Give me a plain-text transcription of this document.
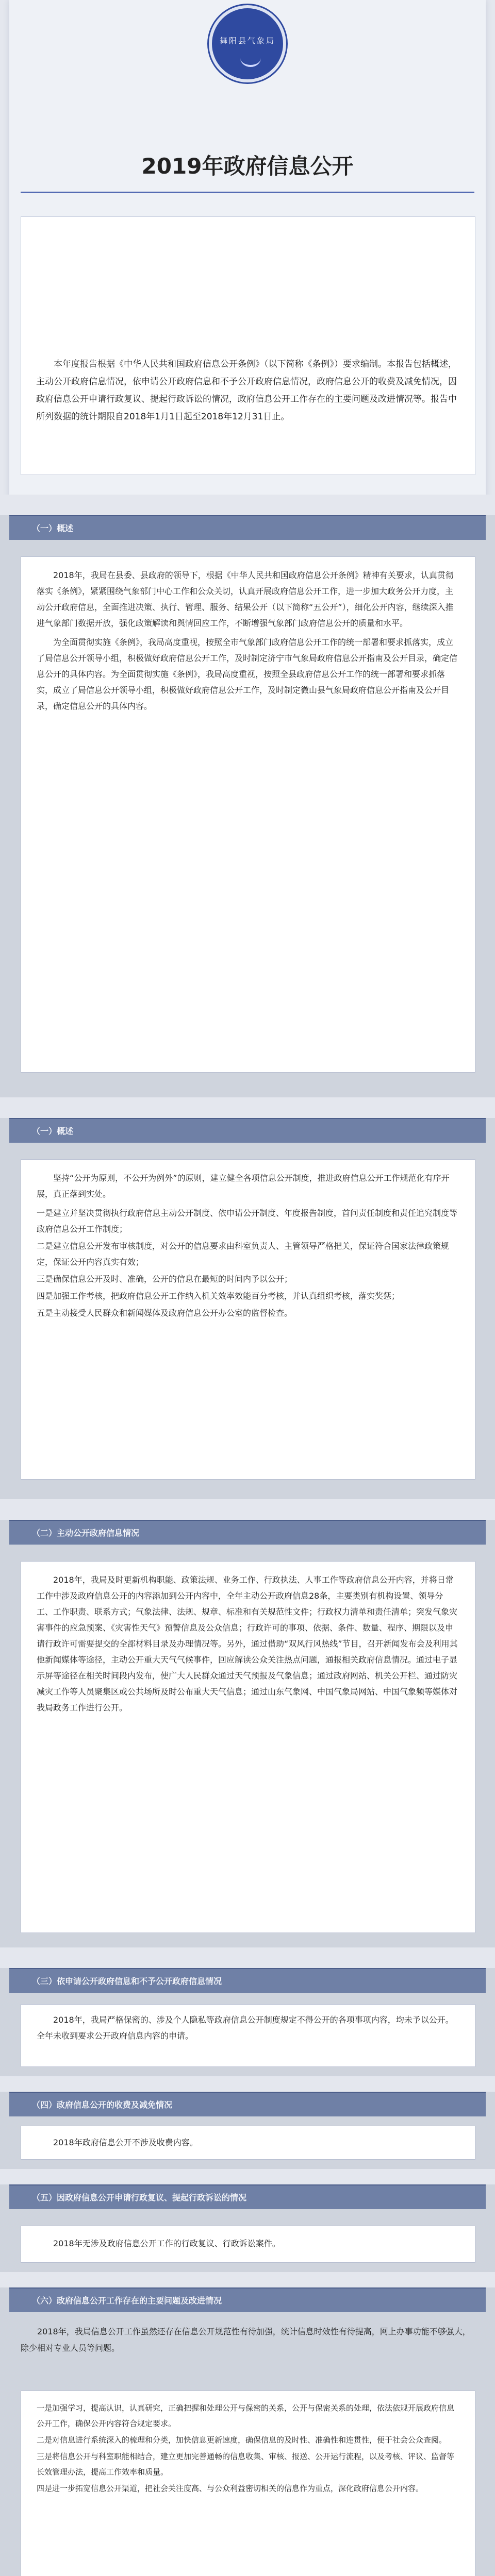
舞阳县气象局
2019年政府信息公开
本年度报告根据《中华人民共和国政府信息公开条例》（以下简称《条例》）要求编制。本报告包括概述，主动公开政府信息情况，依申请公开政府信息和不予公开政府信息情况，政府信息公开的收费及减免情况，因政府信息公开申请行政复议、提起行政诉讼的情况，政府信息公开工作存在的主要问题及改进情况等。报告中所列数据的统计期限自2018年1月1日起至2018年12月31日止。
（一）概述

2018年，我局在县委、县政府的领导下，根据《中华人民共和国政府信息公开条例》精神有关要求，认真贯彻落实《条例》，紧紧围绕气象部门中心工作和公众关切，认真开展政府信息公开工作，进一步加大政务公开力度，主动公开政府信息，全面推进决策、执行、管理、服务、结果公开（以下简称“五公开”），细化公开内容，继续深入推进气象部门数据开放，强化政策解读和舆情回应工作，不断增强气象部门政府信息公开的质量和水平。

为全面贯彻实施《条例》，我局高度重视，按照全市气象部门政府信息公开工作的统一部署和要求抓落实，成立了局信息公开领导小组，积极做好政府信息公开工作，及时制定济宁市气象局政府信息公开指南及公开目录，确定信息公开的具体内容。为全面贯彻实施《条例》，我局高度重视，按照全县政府信息公开工作的统一部署和要求抓落实，成立了局信息公开领导小组，积极做好政府信息公开工作，及时制定微山县气象局政府信息公开指南及公开目录，确定信息公开的具体内容。

（一）概述

坚持“公开为原则，不公开为例外”的原则，建立健全各项信息公开制度，推进政府信息公开工作规范化有序开展，真正落到实处。

一是建立并坚决贯彻执行政府信息主动公开制度、依申请公开制度、年度报告制度，首问责任制度和责任追究制度等政府信息公开工作制度；
二是建立信息公开发布审核制度，对公开的信息要求由科室负责人、主管领导严格把关，保证符合国家法律政策规定，保证公开内容真实有效；
三是确保信息公开及时、准确，公开的信息在最短的时间内予以公开；
四是加强工作考核，把政府信息公开工作纳入机关效率效能百分考核，并认真组织考核，落实奖惩；
五是主动接受人民群众和新闻媒体及政府信息公开办公室的监督检查。
（二）主动公开政府信息情况

2018年，我局及时更新机构职能、政策法规、业务工作、行政执法、人事工作等政府信息公开内容，并将日常工作中涉及政府信息公开的内容添加到公开内容中，全年主动公开政府信息28条，主要类别有机构设置、领导分工、工作职责、联系方式；气象法律、法规、规章、标准和有关规范性文件；行政权力清单和责任清单；突发气象灾害事件的应急预案、《灾害性天气》预警信息及公众信息；行政许可的事项、依据、条件、数量、程序、期限以及申请行政许可需要提交的全部材料目录及办理情况等。另外，通过借助“双风行风热线”节目，召开新闻发布会及利用其他新闻媒体等途径，主动公开重大天气气候事件，回应解读公众关注热点问题，通报相关政府信息情况。通过电子显示屏等途径在相关时间段内发布，使广大人民群众通过天气预报及气象信息；通过政府网站、机关公开栏、通过防灾减灾工作等人员聚集区或公共场所及时公布重大天气信息；通过山东气象网、中国气象局网站、中国气象频等媒体对我局政务工作进行公开。

（三）依申请公开政府信息和不予公开政府信息情况

2018年，我局严格保密的、涉及个人隐私等政府信息公开制度规定不得公开的各项事项内容，均未予以公开。全年未收到要求公开政府信息内容的申请。

（四）政府信息公开的收费及减免情况

2018年政府信息公开不涉及收费内容。

（五）因政府信息公开申请行政复议、提起行政诉讼的情况

2018年无涉及政府信息公开工作的行政复议、行政诉讼案件。

（六）政府信息公开工作存在的主要问题及改进情况

2018年，我局信息公开工作虽然还存在信息公开规范性有待加强，统计信息时效性有待提高，网上办事功能不够强大，除少相对专业人员等问题。

一是加强学习，提高认识，认真研究，正确把握和处理公开与保密的关系，公开与保密关系的处理，依法依规开展政府信息公开工作，确保公开内容符合规定要求。
二是对信息进行系统深入的梳理和分类，加快信息更新速度，确保信息的及时性、准确性和连贯性，便于社会公众查阅。
三是将信息公开与科室职能相结合，建立更加完善通畅的信息收集、审核、报送、公开运行流程，以及考核、评议、监督等长效管理办法，提高工作效率和质量。
四是进一步拓宽信息公开渠道，把社会关注度高、与公众利益密切相关的信息作为重点，深化政府信息公开内容。
